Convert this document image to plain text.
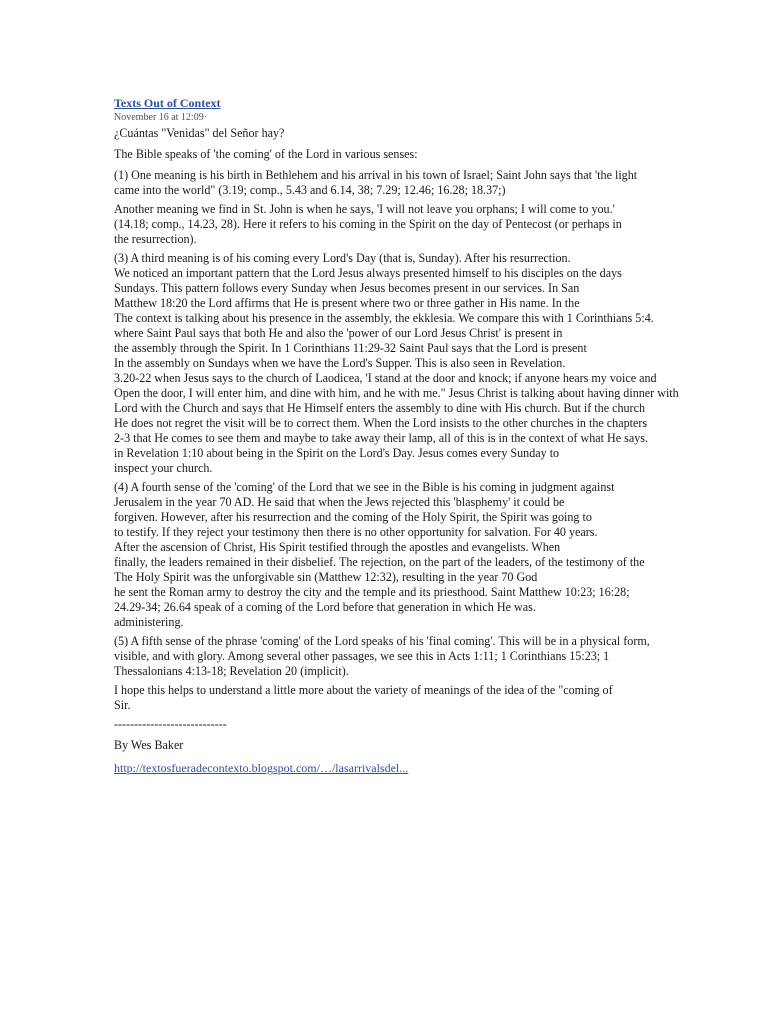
Texts Out of Context
November 16 at 12:09·
¿Cuántas "Venidas" del Señor hay?
The Bible speaks of 'the coming' of the Lord in various senses:
(1) One meaning is his birth in Bethlehem and his arrival in his town of Israel; Saint John says that 'the light
came into the world" (3.19; comp., 5.43 and 6.14, 38; 7.29; 12.46; 16.28; 18.37;)
Another meaning we find in St. John is when he says, 'I will not leave you orphans; I will come to you.'
(14.18; comp., 14.23, 28). Here it refers to his coming in the Spirit on the day of Pentecost (or perhaps in
the resurrection).
(3) A third meaning is of his coming every Lord's Day (that is, Sunday). After his resurrection.
We noticed an important pattern that the Lord Jesus always presented himself to his disciples on the days
Sundays. This pattern follows every Sunday when Jesus becomes present in our services. In San
Matthew 18:20 the Lord affirms that He is present where two or three gather in His name. In the
The context is talking about his presence in the assembly, the ekklesia. We compare this with 1 Corinthians 5:4.
where Saint Paul says that both He and also the 'power of our Lord Jesus Christ' is present in
the assembly through the Spirit. In 1 Corinthians 11:29-32 Saint Paul says that the Lord is present
In the assembly on Sundays when we have the Lord's Supper. This is also seen in Revelation.
3.20-22 when Jesus says to the church of Laodicea, 'I stand at the door and knock; if anyone hears my voice and
Open the door, I will enter him, and dine with him, and he with me." Jesus Christ is talking about having dinner with
Lord with the Church and says that He Himself enters the assembly to dine with His church. But if the church
He does not regret the visit will be to correct them. When the Lord insists to the other churches in the chapters
2-3 that He comes to see them and maybe to take away their lamp, all of this is in the context of what He says.
in Revelation 1:10 about being in the Spirit on the Lord's Day. Jesus comes every Sunday to
inspect your church.
(4) A fourth sense of the 'coming' of the Lord that we see in the Bible is his coming in judgment against
Jerusalem in the year 70 AD. He said that when the Jews rejected this 'blasphemy' it could be
forgiven. However, after his resurrection and the coming of the Holy Spirit, the Spirit was going to
to testify. If they reject your testimony then there is no other opportunity for salvation. For 40 years.
After the ascension of Christ, His Spirit testified through the apostles and evangelists. When
finally, the leaders remained in their disbelief. The rejection, on the part of the leaders, of the testimony of the
The Holy Spirit was the unforgivable sin (Matthew 12:32), resulting in the year 70 God
he sent the Roman army to destroy the city and the temple and its priesthood. Saint Matthew 10:23; 16:28;
24.29-34; 26.64 speak of a coming of the Lord before that generation in which He was.
administering.
(5) A fifth sense of the phrase 'coming' of the Lord speaks of his 'final coming'. This will be in a physical form,
visible, and with glory. Among several other passages, we see this in Acts 1:11; 1 Corinthians 15:23; 1
Thessalonians 4:13-18; Revelation 20 (implicit).
I hope this helps to understand a little more about the variety of meanings of the idea of the "coming of
Sir.
----------------------------
By Wes Baker
http://textosfueradecontexto.blogspot.com/…/lasarrivalsdel...
